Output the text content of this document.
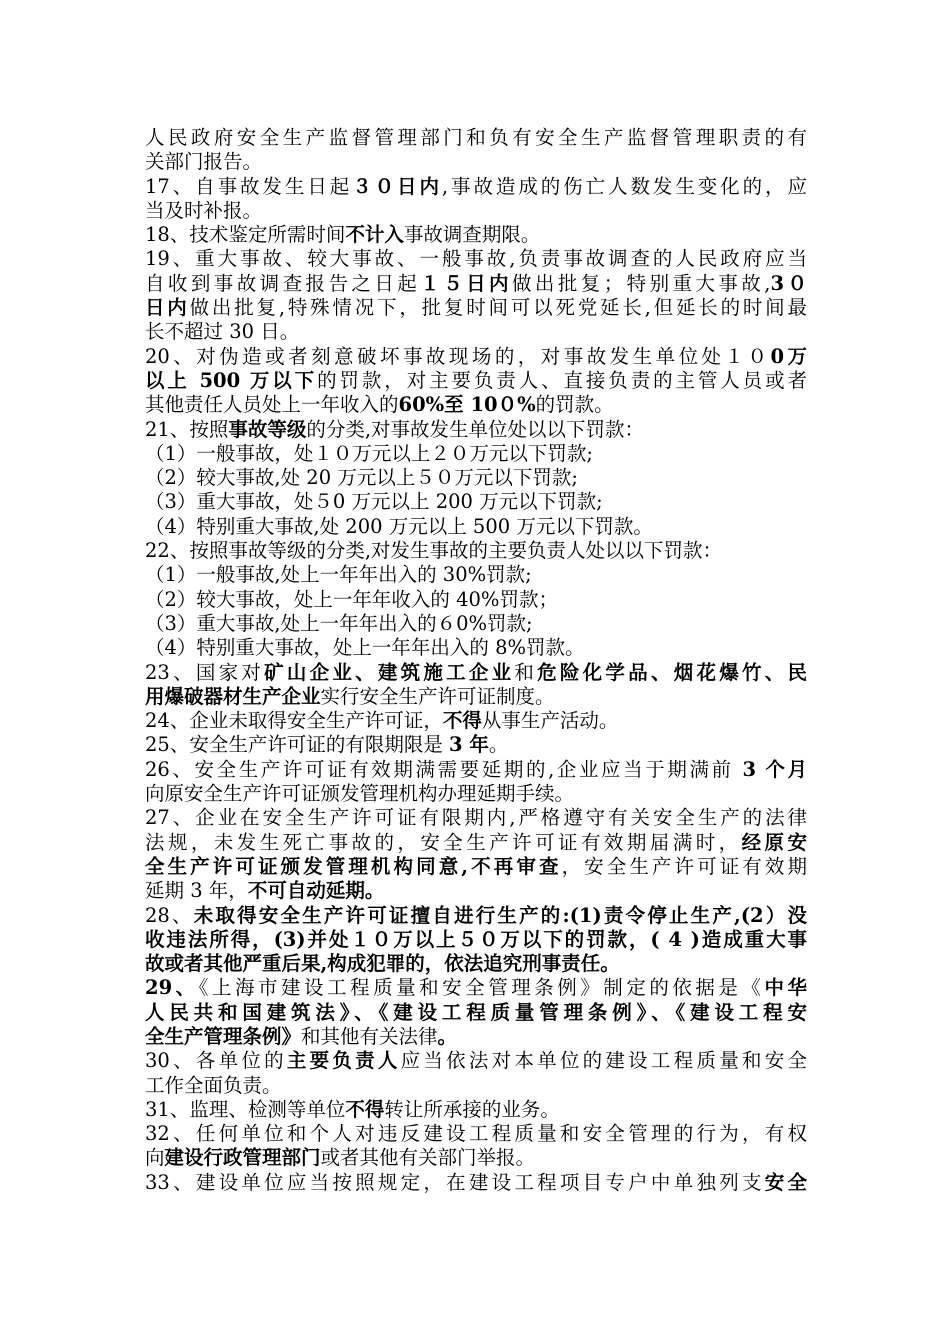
人民政府安全生产监督管理部门和负有安全生产监督管理职责的有
关部门报告。
17、自事故发生日起３０日内,事故造成的伤亡人数发生变化的，应
当及时补报。
18、技术鉴定所需时间不计入事故调查期限。
19、重大事故、较大事故、一般事故,负责事故调查的人民政府应当
自收到事故调查报告之日起１５日内做出批复；特别重大事故,3０
日内做出批复,特殊情况下，批复时间可以死党延长,但延长的时间最
长不超过 30 日。
20、对伪造或者刻意破坏事故现场的，对事故发生单位处１０0万
以上 500 万以下的罚款，对主要负责人、直接负责的主管人员或者
其他责任人员处上一年收入的60%至 10０%的罚款。
21、按照事故等级的分类,对事故发生单位处以以下罚款：
（1）一般事故，处１０万元以上２０万元以下罚款;
（2）较大事故,处 20 万元以上５０万元以下罚款;
（3）重大事故，处５0 万元以上 200 万元以下罚款;
（4）特别重大事故,处 200 万元以上 500 万元以下罚款。
22、按照事故等级的分类,对发生事故的主要负责人处以以下罚款：
（1）一般事故,处上一年年出入的 30%罚款;
（2）较大事故，处上一年年收入的 40%罚款；
（3）重大事故,处上一年年出入的６0%罚款;
（4）特别重大事故，处上一年年出入的 8%罚款。
23、国家对矿山企业、建筑施工企业和危险化学品、烟花爆竹、民
用爆破器材生产企业实行安全生产许可证制度。
24、企业未取得安全生产许可证，不得从事生产活动。
25、安全生产许可证的有限期限是 3 年。
26、安全生产许可证有效期满需要延期的,企业应当于期满前 3 个月
向原安全生产许可证颁发管理机构办理延期手续。
27、企业在安全生产许可证有限期内,严格遵守有关安全生产的法律
法规，未发生死亡事故的，安全生产许可证有效期届满时，经原安
全生产许可证颁发管理机构同意,不再审查，安全生产许可证有效期
延期 3 年，不可自动延期。
28、未取得安全生产许可证擅自进行生产的:(1)责令停止生产,(2）没
收违法所得，(3)并处１０万以上５０万以下的罚款，( 4 )造成重大事
故或者其他严重后果,构成犯罪的，依法追究刑事责任。
29、《上海市建设工程质量和安全管理条例》制定的依据是《中华
人民共和国建筑法》、《建设工程质量管理条例》、《建设工程安
全生产管理条例》和其他有关法律。
30、各单位的主要负责人应当依法对本单位的建设工程质量和安全
工作全面负责。
31、监理、检测等单位不得转让所承接的业务。
32、任何单位和个人对违反建设工程质量和安全管理的行为，有权
向建设行政管理部门或者其他有关部门举报。
33、建设单位应当按照规定，在建设工程项目专户中单独列支安全
